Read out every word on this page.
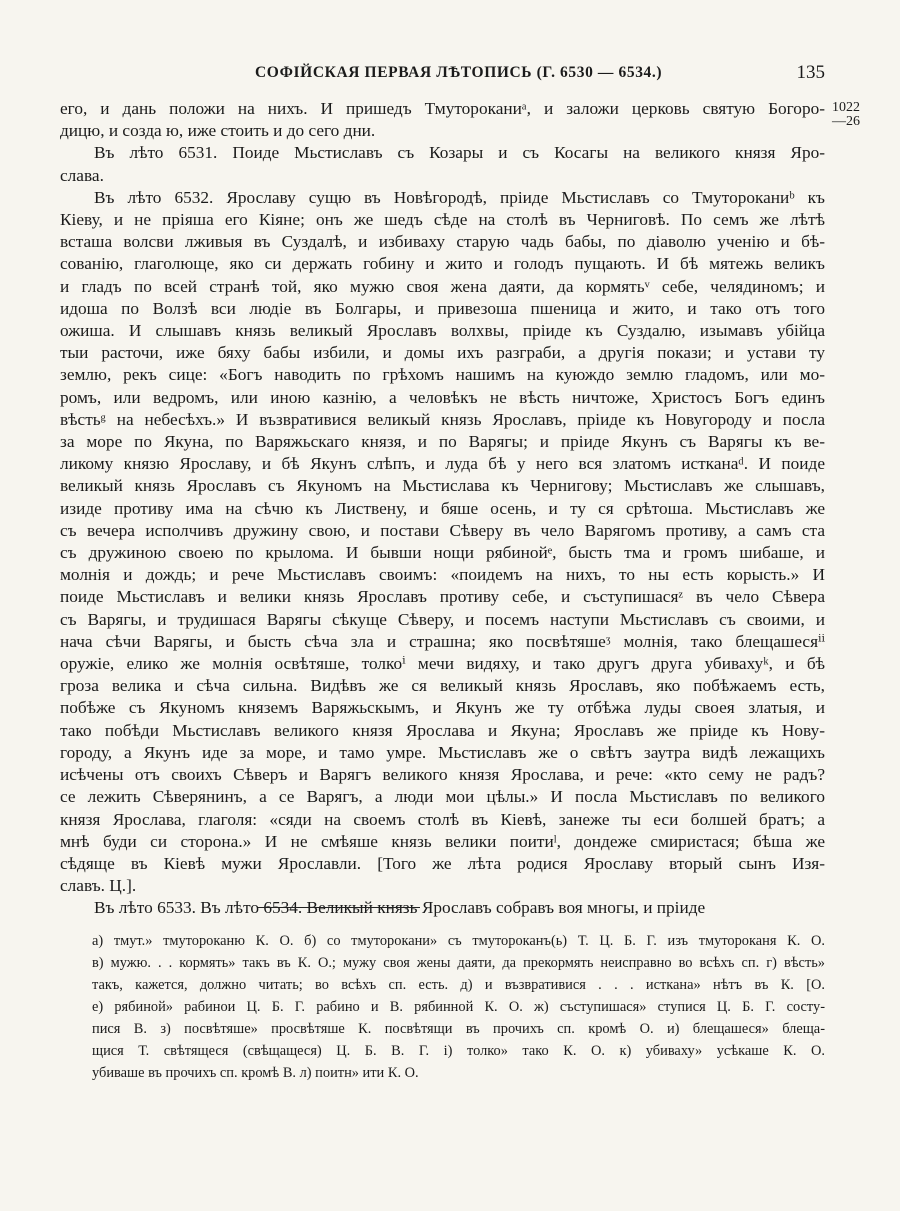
СОФІЙСКАЯ ПЕРВАЯ ЛѢТОПИСЬ (Г. 6530 — 6534.)	135
1022
—26
его, и дань положи на нихъ. И пришедъ Тмутороканиᵃ, и заложи церковь святую Богоро-
дицю, и созда ю, иже стоить и до сего дни.
Въ лѣто 6531. Поиде Мьстиславъ съ Козары и съ Косагы на великого князя Яро-
слава.
Въ лѣто 6532. Ярославу сущю въ Новѣгородѣ, пріиде Мьстиславъ со Тмутороканиᵇ къ
Кіеву, и не пріяша его Кіяне; онъ же шедъ сѣде на столѣ въ Черниговѣ. По семъ же лѣтѣ
всташа волсви лживыя въ Суздалѣ, и избиваху старую чадь бабы, по діаволю ученію и бѣ-
сованію, глаголюще, яко си держать гобину и жито и голодъ пущають. И бѣ мятежь великъ
и гладъ по всей странѣ той, яко мужю своя жена даяти, да кормятьᵛ себе, челядиномъ; и
идоша по Волзѣ вси людіе въ Болгары, и привезоша пшеница и жито, и тако отъ того
ожиша. И слышавъ князь великый Ярославъ волхвы, пріиде къ Суздалю, изымавъ убійца
тыи расточи, иже бяху бабы избили, и домы ихъ разграби, а другія покази; и устави ту
землю, рекъ сице: «Богъ наводить по грѣхомъ нашимъ на куюждо землю гладомъ, или мо-
ромъ, или ведромъ, или иною казнію, а человѣкъ не вѣсть ничтоже, Христосъ Богъ единъ
вѣстьᵍ на небесѣхъ.» И възвративися великый князь Ярославъ, пріиде къ Новугороду и посла
за море по Якуна, по Варяжьскаго князя, и по Варягы; и пріиде Якунъ съ Варягы къ ве-
ликому князю Ярославу, и бѣ Якунъ слѣпъ, и луда бѣ у него вся златомъ исткана͏ᵈ. И поиде
великый князь Ярославъ съ Якуномъ на Мьстислава къ Чернигову; Мьстиславъ же слышавъ,
изиде противу има на сѣчю къ Листвену, и бяше осень, и ту ся срѣтоша. Мьстиславъ же
съ вечера исполчивъ дружину свою, и постави Сѣверу въ чело Варягомъ противу, а самъ ста
съ дружиною своею по крылома. И бывши нощи рябинойᵉ, бысть тма и громъ шибаше, и
молнія и дождь; и рече Мьстиславъ своимъ: «поидемъ на нихъ, то ны есть корысть.» И
поиде Мьстиславъ и велики князь Ярославъ противу себе, и съступишасяᶻ въ чело Сѣвера
съ Варягы, и трудишася Варягы сѣкуще Сѣверу, и посемъ наступи Мьстиславъ съ своими, и
нача сѣчи Варягы, и бысть сѣча зла и страшна; яко посвѣтяшеᶾ молнія, тако блещашесяⁱⁱ
оружіе, елико же молнія освѣтяше, толкоⁱ мечи видяху, и тако другъ друга убивахуᵏ, и бѣ
гроза велика и сѣча сильна. Видѣвъ же ся великый князь Ярославъ, яко побѣжаемъ есть,
побѣже съ Якуномъ княземъ Варяжьскымъ, и Якунъ же ту отбѣжа луды своея златыя, и
тако побѣди Мьстиславъ великого князя Ярослава и Якуна; Ярославъ же пріиде къ Нову-
городу, а Якунъ иде за море, и тамо умре. Мьстиславъ же о свѣтъ заутра видѣ лежащихъ
исѣчены отъ своихъ Сѣверъ и Варягъ великого князя Ярослава, и рече: «кто сему не радъ?
се лежить Сѣверянинъ, а се Варягъ, а люди мои цѣлы.» И посла Мьстиславъ по великого
князя Ярослава, глаголя: «сяди на своемъ столѣ въ Кіевѣ, занеже ты еси болшей братъ; а
мнѣ буди си сторона.» И не смѣяше князь велики поитиˡ, дондеже смиристася; бѣша же
сѣдяще въ Кіевѣ мужи Ярославли. [Того же лѣта родися Ярославу вторый сынъ Изя-
славъ. Ц.].
Въ лѣто 6533. Въ лѣто 6534. Великый князь Ярославъ собравъ воя многы, и пріиде
а) тмут.» тмутороканю К. О. б) со тмуторокани» съ тмутороканъ(ь) Т. Ц. Б. Г. изъ тмутороканя К. О.
в) мужю. . . кормять» такъ въ К. О.; мужу своя жены даяти, да прекормять неисправно во всѣхъ сп. г) вѣсть»
такъ, кажется, должно читать; во всѣхъ сп. есть. д) и възвративися . . . исткана» нѣтъ въ К. [О.
е) рябиной» рабинои Ц. Б. Г. рабино и В. рябинной К. О. ж) съступишася» ступися Ц. Б. Г. состу-
пися В. з) посвѣтяше» просвѣтяше К. посвѣтящи въ прочихъ сп. кромѣ О. и) блещашеся» блеща-
щися Т. свѣтящеся (свѣщащеся) Ц. Б. В. Г. і) толко» тако К. О. к) убиваху» усѣкаше К. О.
убиваше въ прочихъ сп. кромѣ В. л) поитн» ити К. О.
